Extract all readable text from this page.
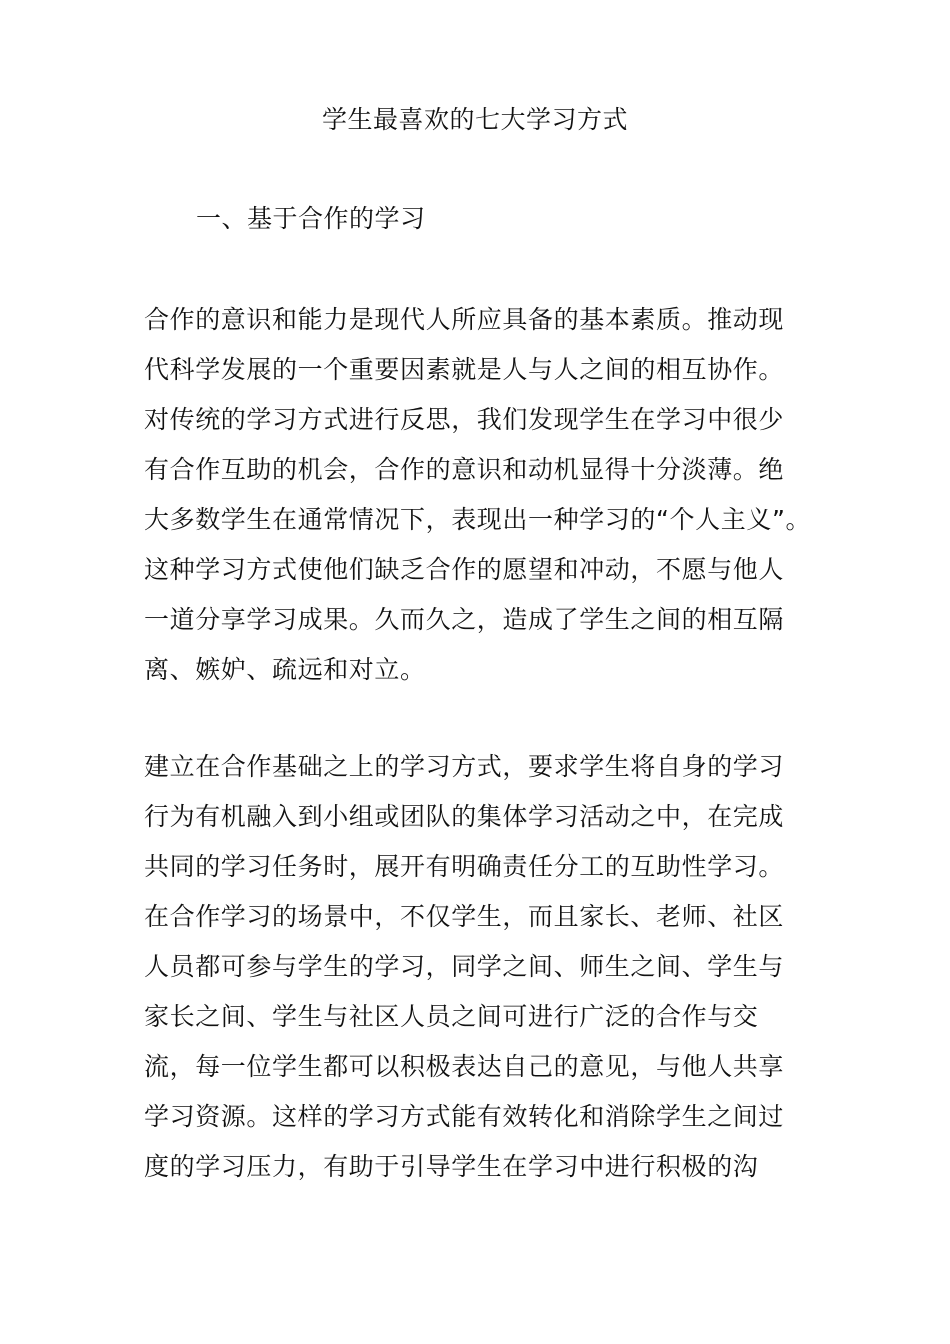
学生最喜欢的七大学习方式
一、基于合作的学习
合作的意识和能力是现代人所应具备的基本素质。推动现
代科学发展的一个重要因素就是人与人之间的相互协作。
对传统的学习方式进行反思，我们发现学生在学习中很少
有合作互助的机会，合作的意识和动机显得十分淡薄。绝
大多数学生在通常情况下，表现出一种学习的“个人主义”。
这种学习方式使他们缺乏合作的愿望和冲动，不愿与他人
一道分享学习成果。久而久之，造成了学生之间的相互隔
离、嫉妒、疏远和对立。
建立在合作基础之上的学习方式，要求学生将自身的学习
行为有机融入到小组或团队的集体学习活动之中，在完成
共同的学习任务时，展开有明确责任分工的互助性学习。
在合作学习的场景中，不仅学生，而且家长、老师、社区
人员都可参与学生的学习，同学之间、师生之间、学生与
家长之间、学生与社区人员之间可进行广泛的合作与交
流，每一位学生都可以积极表达自己的意见，与他人共享
学习资源。这样的学习方式能有效转化和消除学生之间过
度的学习压力，有助于引导学生在学习中进行积极的沟
